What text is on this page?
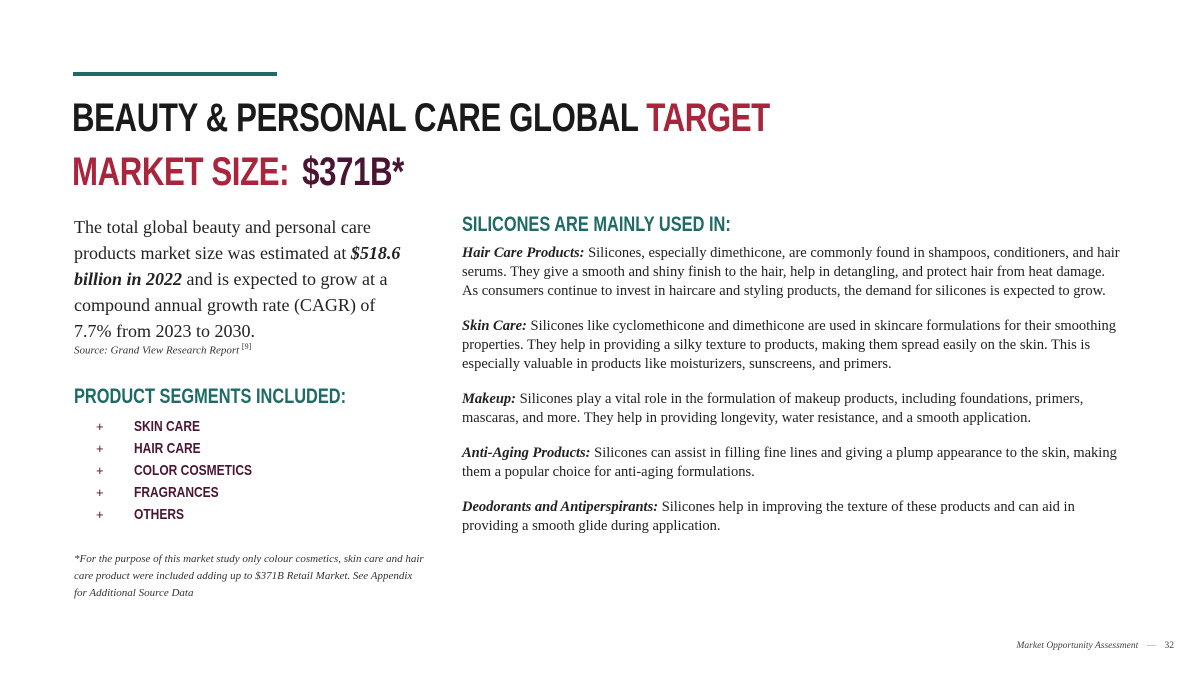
BEAUTY & PERSONAL CARE GLOBAL TARGET
MARKET SIZE: $371B*

The total global beauty and personal care products market size was estimated at $518.6 billion in 2022 and is expected to grow at a compound annual growth rate (CAGR) of 7.7% from 2023 to 2030.

Source: Grand View Research Report [9]

PRODUCT SEGMENTS INCLUDED:
+	SKIN CARE
+	HAIR CARE
+	COLOR COSMETICS
+	FRAGRANCES
+	OTHERS

*For the purpose of this market study only colour cosmetics, skin care and hair care product were included adding up to $371B Retail Market. See Appendix for Additional Source Data

SILICONES ARE MAINLY USED IN:

Hair Care Products: Silicones, especially dimethicone, are commonly found in shampoos, conditioners, and hair serums. They give a smooth and shiny finish to the hair, help in detangling, and protect hair from heat damage. As consumers continue to invest in haircare and styling products, the demand for silicones is expected to grow.

Skin Care: Silicones like cyclomethicone and dimethicone are used in skincare formulations for their smoothing properties. They help in providing a silky texture to products, making them spread easily on the skin. This is especially valuable in products like moisturizers, sunscreens, and primers.

Makeup: Silicones play a vital role in the formulation of makeup products, including foundations, primers, mascaras, and more. They help in providing longevity, water resistance, and a smooth application.

Anti-Aging Products: Silicones can assist in filling fine lines and giving a plump appearance to the skin, making them a popular choice for anti-aging formulations.

Deodorants and Antiperspirants: Silicones help in improving the texture of these products and can aid in providing a smooth glide during application.

Market Opportunity Assessment — 32
